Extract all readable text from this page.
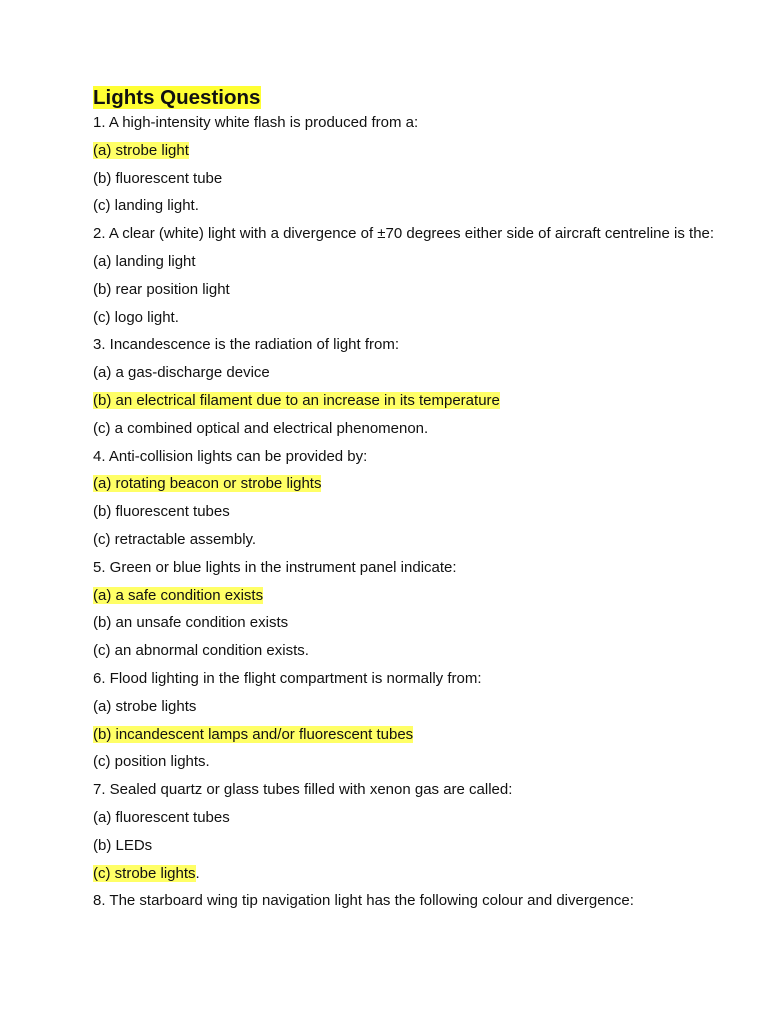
Lights Questions
1. A high-intensity white flash is produced from a:
(a) strobe light
(b) fluorescent tube
(c) landing light.
2. A clear (white) light with a divergence of ±70 degrees either side of aircraft centreline is the:
(a) landing light
(b) rear position light
(c) logo light.
3. Incandescence is the radiation of light from:
(a) a gas-discharge device
(b) an electrical filament due to an increase in its temperature
(c) a combined optical and electrical phenomenon.
4. Anti-collision lights can be provided by:
(a) rotating beacon or strobe lights
(b) fluorescent tubes
(c) retractable assembly.
5. Green or blue lights in the instrument panel indicate:
(a) a safe condition exists
(b) an unsafe condition exists
(c) an abnormal condition exists.
6. Flood lighting in the flight compartment is normally from:
(a) strobe lights
(b) incandescent lamps and/or fluorescent tubes
(c) position lights.
7. Sealed quartz or glass tubes filled with xenon gas are called:
(a) fluorescent tubes
(b) LEDs
(c) strobe lights.
8. The starboard wing tip navigation light has the following colour and divergence:
